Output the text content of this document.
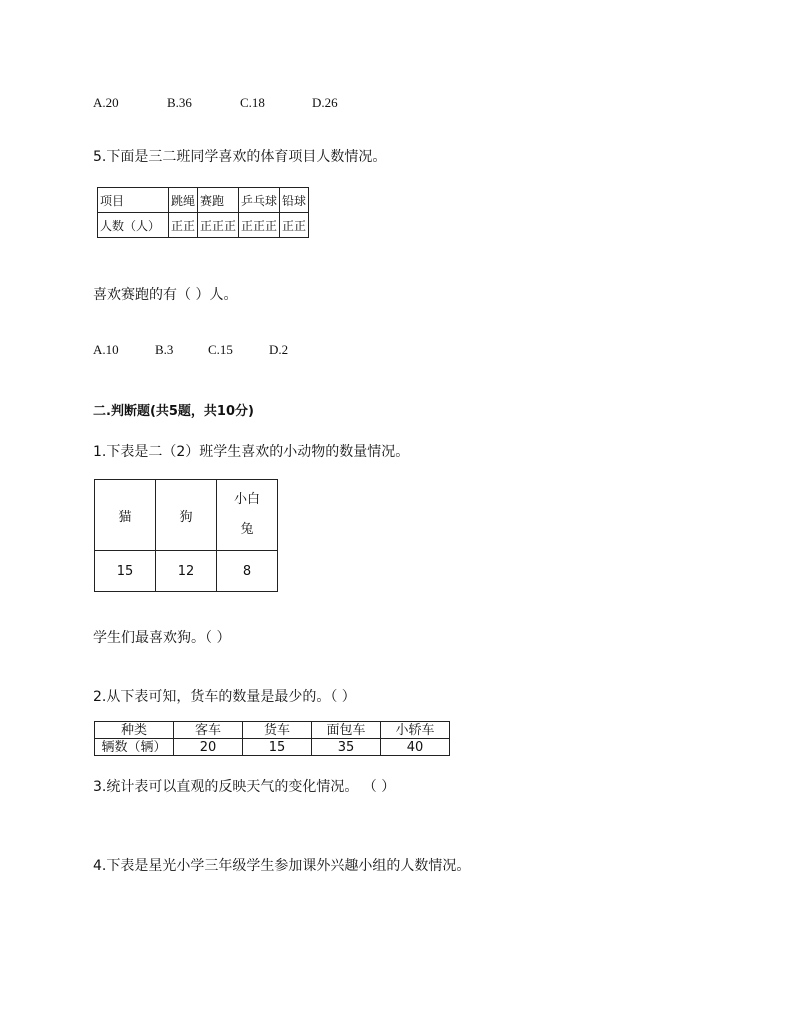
A.20	B.36	C.18	D.26
5.下面是三二班同学喜欢的体育项目人数情况。
项目	跳绳	赛跑	乒乓球	铅球
人数（人）	正正	正正正	正正正	正正
喜欢赛跑的有（ ）人。
A.10	B.3	C.15	D.2
二.判断题(共5题，共10分)
1.下表是二（2）班学生喜欢的小动物的数量情况。
猫	狗	小白
兔
15	12	8
学生们最喜欢狗。（ ）
2.从下表可知，货车的数量是最少的。（ ）
种类	客车	货车	面包车	小轿车
辆数（辆）	20	15	35	40
3.统计表可以直观的反映天气的变化情况。 （ ）
4.下表是星光小学三年级学生参加课外兴趣小组的人数情况。
